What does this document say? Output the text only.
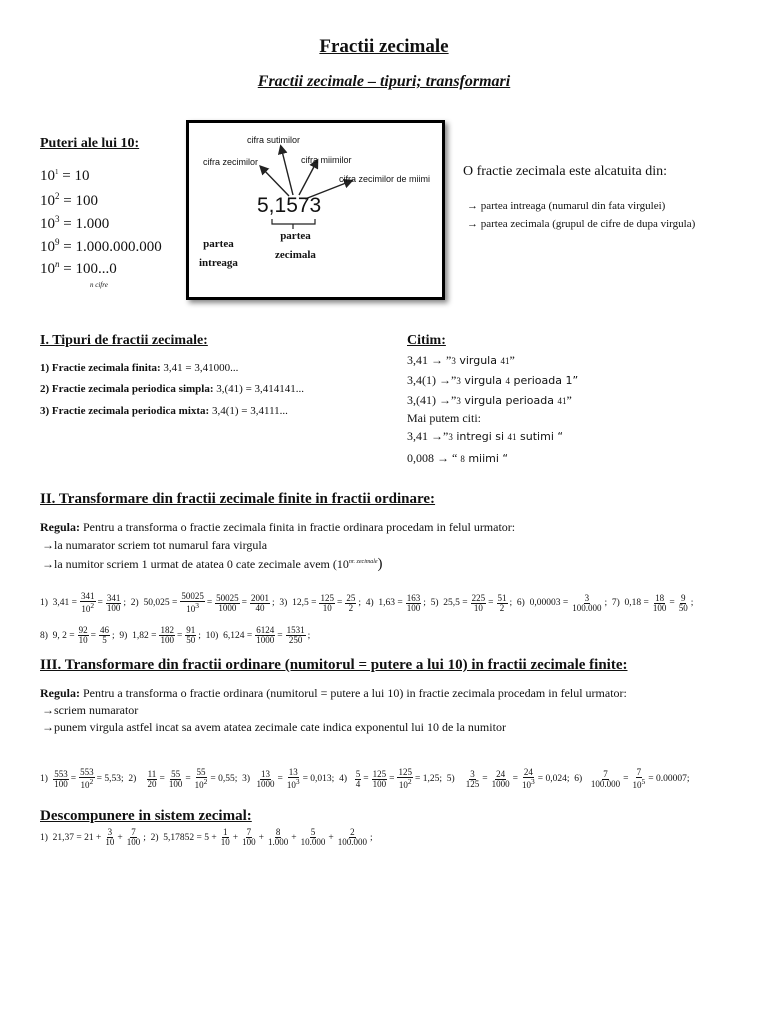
Fractii zecimale
Fractii zecimale – tipuri; transformari
Puteri ale lui 10:
$10^1 = 10$
$10^2 = 100$
$10^3 = 1.000$
$10^9 = 1.000.000.000$
$10^n = 100...0$
n cifre
cifra sutimilor
cifra zecimilor	cifra miimilor
cifra zecimilor de miimi
5,1573
partea
intreaga
partea
zecimala
O fractie zecimala este alcatuita din:
→ partea intreaga (numarul din fata virgulei)
→ partea zecimala (grupul de cifre de dupa virgula)
I. Tipuri de fractii zecimale:
1) Fractie zecimala finita: 3,41 = 3,41000...
2) Fractie zecimala periodica simpla: 3,(41) = 3,414141...
3) Fractie zecimala periodica mixta: 3,4(1) = 3,4111...
Citim:
3,41 → ”3 virgula 41”
3,4(1) →”3 virgula 4 perioada 1”
3,(41) →”3 virgula perioada 41”
Mai putem citi:
3,41 →”3 intregi si 41 sutimi “
0,008 → “ 8 miimi “
II. Transformare din fractii zecimale finite in fractii ordinare:
Regula: Pentru a transforma o fractie zecimala finita in fractie ordinara procedam in felul urmator:
→la numarator scriem tot numarul fara virgula
→la numitor scriem 1 urmat de atatea 0 cate zecimale avem $(10^{nr. zecimale})$
1)  $3,41 = \frac{341}{10^2} = \frac{341}{100}$ ;  2)  $50,025 = \frac{50025}{10^3} = \frac{50025}{1000} = \frac{2001}{40}$ ;  3)  $12,5 = \frac{125}{10} = \frac{25}{2}$ ;  4)  $1,63 = \frac{163}{100}$ ;  5)  $25,5 = \frac{225}{10} = \frac{51}{2}$ ;  6)  $0,00003 = \frac{3}{100.000}$ ;  7)  $0,18 = \frac{18}{100} = \frac{9}{50}$ ;
8)  9, $2 = \frac{92}{10} = \frac{46}{5}$ ;  9)  $1,82 = \frac{182}{100} = \frac{91}{50}$ ;  10)  $6,124 = \frac{6124}{1000} = \frac{1531}{250}$ ;
III. Transformare din fractii ordinare (numitorul = putere a lui 10) in fractii zecimale finite:
Regula: Pentru a transforma o fractie ordinara (numitorul = putere a lui 10) in fractie zecimala procedam in felul urmator:
→scriem numarator
→punem virgula astfel incat sa avem atatea zecimale cate indica exponentul lui 10 de la numitor
$1) \frac{553}{100} = \frac{553}{10^2} = 5,53$;  $2) \frac{11}{20} = \frac{55}{100} = \frac{55}{10^2} = 0,55$;  $3) \frac{13}{1000} = \frac{13}{10^3} = 0,013$;  $4) \frac{5}{4} = \frac{125}{100} = \frac{125}{10^2} = 1,25$;  $5) \frac{3}{125} = \frac{24}{1000} = \frac{24}{10^3} = 0,024$;  $6) \frac{7}{100.000} = \frac{7}{10^5} = 0.00007$;
Descompunere in sistem zecimal:
1)  $21,37 = 21 + \frac{3}{10} + \frac{7}{100}$ ;  2)  $5,17852 = 5 + \frac{1}{10} + \frac{7}{100} + \frac{8}{1.000} + \frac{5}{10.000} + \frac{2}{100.000}$ ;
